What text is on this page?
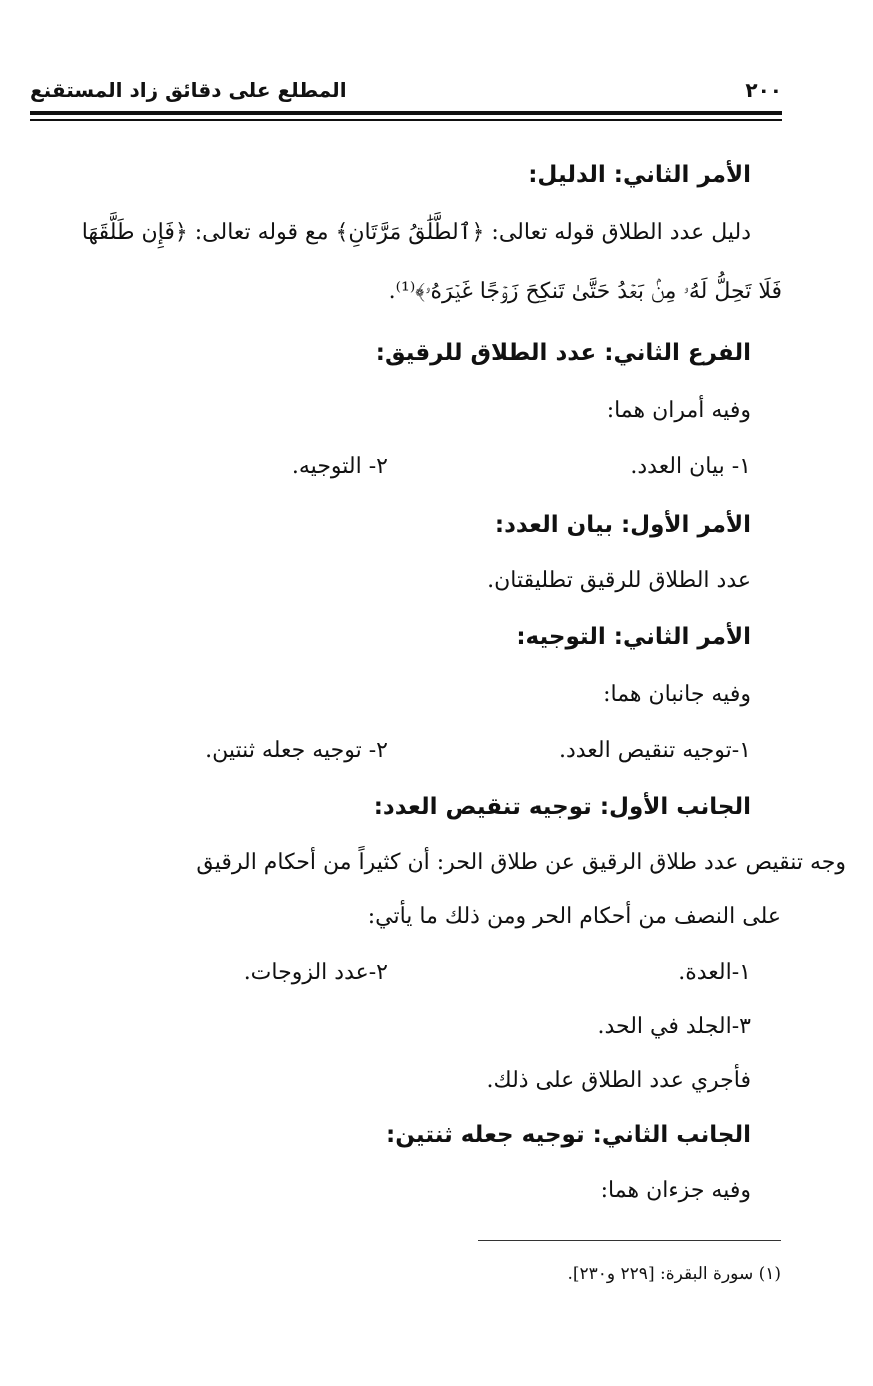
٢٠٠
المطلع على دقائق زاد المستقنع
الأمر الثاني: الدليل:
دليل عدد الطلاق قوله تعالى: ﴿ٱلطَّلَٰقُ مَرَّتَانِ﴾ مع قوله تعالى: ﴿فَإِن طَلَّقَهَا
فَلَا تَحِلُّ لَهُۥ مِنۢ بَعۡدُ حَتَّىٰ تَنكِحَ زَوۡجًا غَيۡرَهُۥ﴾⁽¹⁾.
الفرع الثاني: عدد الطلاق للرقيق:
وفيه أمران هما:
١- بيان العدد.
٢- التوجيه.
الأمر الأول: بيان العدد:
عدد الطلاق للرقيق تطليقتان.
الأمر الثاني: التوجيه:
وفيه جانبان هما:
١-توجيه تنقيص العدد.
٢- توجيه جعله ثنتين.
الجانب الأول: توجيه تنقيص العدد:
وجه تنقيص عدد طلاق الرقيق عن طلاق الحر: أن كثيراً من أحكام الرقيق
على النصف من أحكام الحر ومن ذلك ما يأتي:
١-العدة.
٢-عدد الزوجات.
٣-الجلد في الحد.
فأجري عدد الطلاق على ذلك.
الجانب الثاني: توجيه جعله ثنتين:
وفيه جزءان هما:
(١) سورة البقرة: [٢٢٩ و٢٣٠].
